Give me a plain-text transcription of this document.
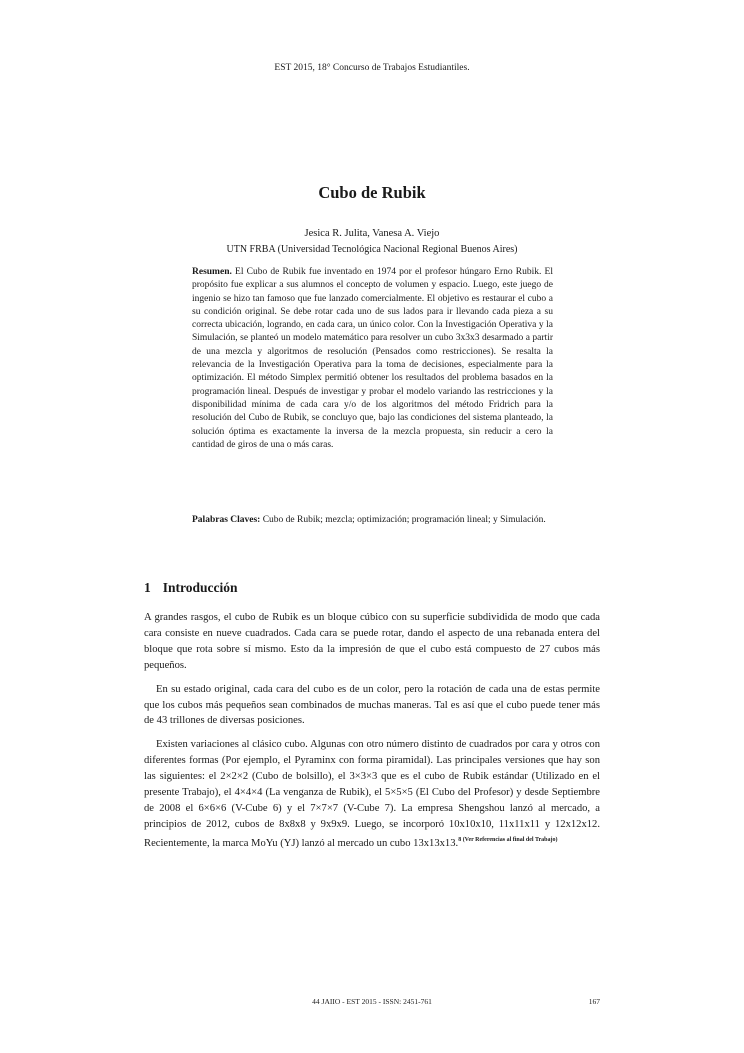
EST 2015, 18° Concurso de Trabajos Estudiantiles.
Cubo de Rubik
Jesica R. Julita, Vanesa A. Viejo
UTN FRBA (Universidad Tecnológica Nacional Regional Buenos Aires)
Resumen. El Cubo de Rubik fue inventado en 1974 por el profesor húngaro Erno Rubik. El propósito fue explicar a sus alumnos el concepto de volumen y espacio. Luego, este juego de ingenio se hizo tan famoso que fue lanzado comercialmente. El objetivo es restaurar el cubo a su condición original. Se debe rotar cada uno de sus lados para ir llevando cada pieza a su correcta ubicación, logrando, en cada cara, un único color. Con la Investigación Operativa y la Simulación, se planteó un modelo matemático para resolver un cubo 3x3x3 desarmado a partir de una mezcla y algoritmos de resolución (Pensados como restricciones). Se resalta la relevancia de la Investigación Operativa para la toma de decisiones, especialmente para la optimización. El método Simplex permitió obtener los resultados del problema basados en la programación lineal. Después de investigar y probar el modelo variando las restricciones y la disponibilidad mínima de cada cara y/o de los algoritmos del método Fridrich para la resolución del Cubo de Rubik, se concluyo que, bajo las condiciones del sistema planteado, la solución óptima es exactamente la inversa de la mezcla propuesta, sin reducir a cero la cantidad de giros de una o más caras.
Palabras Claves: Cubo de Rubik; mezcla; optimización; programación lineal; y Simulación.
1 Introducción

A grandes rasgos, el cubo de Rubik es un bloque cúbico con su superficie subdividida de modo que cada cara consiste en nueve cuadrados. Cada cara se puede rotar, dando el aspecto de una rebanada entera del bloque que rota sobre sí mismo. Esto da la impresión de que el cubo está compuesto de 27 cubos más pequeños.

En su estado original, cada cara del cubo es de un color, pero la rotación de cada una de estas permite que los cubos más pequeños sean combinados de muchas maneras. Tal es así que el cubo puede tener más de 43 trillones de diversas posiciones.

Existen variaciones al clásico cubo. Algunas con otro número distinto de cuadrados por cara y otros con diferentes formas (Por ejemplo, el Pyraminx con forma piramidal). Las principales versiones que hay son las siguientes: el 2×2×2 (Cubo de bolsillo), el 3×3×3 que es el cubo de Rubik estándar (Utilizado en el presente Trabajo), el 4×4×4 (La venganza de Rubik), el 5×5×5 (El Cubo del Profesor) y desde Septiembre de 2008 el 6×6×6 (V-Cube 6) y el 7×7×7 (V-Cube 7). La empresa Shengshou lanzó al mercado, a principios de 2012, cubos de 8x8x8 y 9x9x9. Luego, se incorporó 10x10x10, 11x11x11 y 12x12x12. Recientemente, la marca MoYu (YJ) lanzó al mercado un cubo 13x13x13.$^{8 (Ver Referencias al final del Trabajo)}$

44 JAIIO - EST 2015 - ISSN: 2451-761	167
